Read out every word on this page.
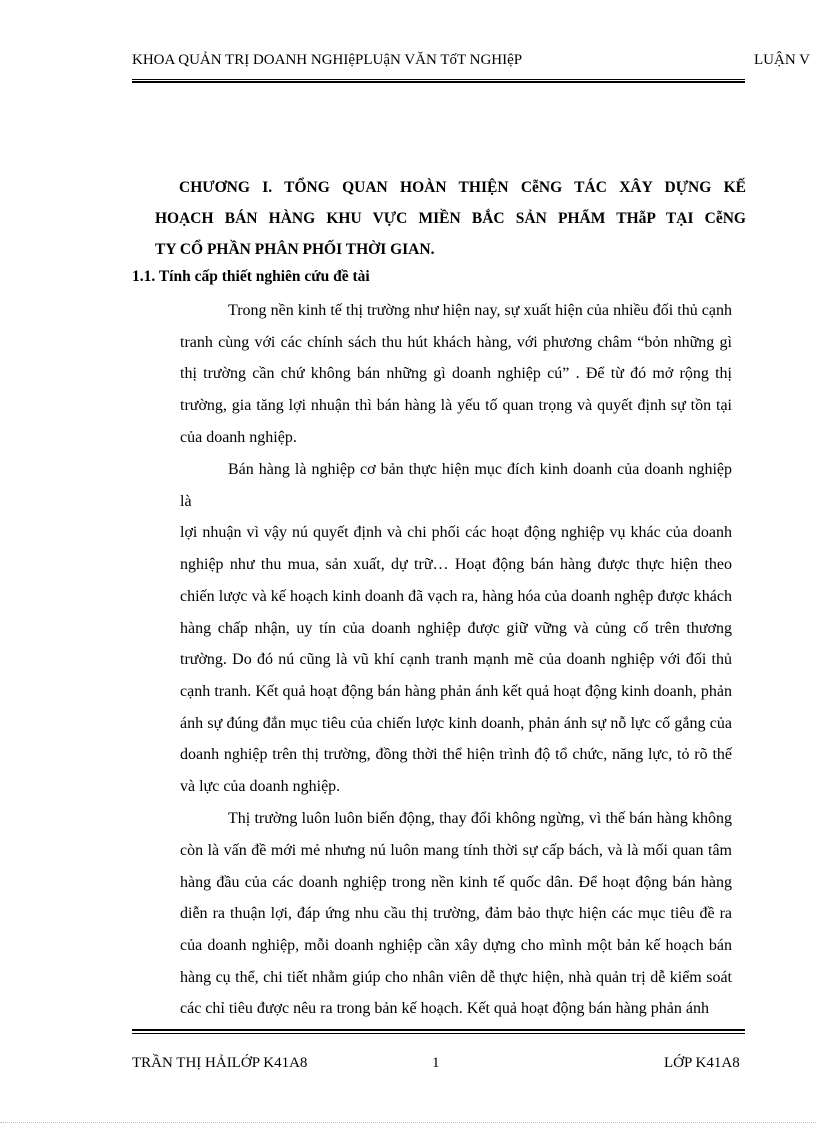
KHOA QUẢN TRỊ DOANH NGHIệPLUậN VĂN TốT NGHIệP	LUẬN V
CHƯƠNG I. TỔNG QUAN HOÀN THIỆN CễNG TÁC XÂY DỰNG KẾ
HOẠCH BÁN HÀNG KHU VỰC MIỀN BẮC SẢN PHẨM THẫP TẠI CễNG
TY CỔ PHẦN PHÂN PHỐI THỜI GIAN.
1.1. Tính cấp thiết nghiên cứu đề tài

Trong nền kinh tế thị trường như hiện nay, sự xuất hiện của nhiều đối thủ cạnh
tranh cùng với các chính sách thu hút khách hàng, với phương châm “bỏn những gì
thị trường cần chứ không bán những gì doanh nghiệp cú” . Để từ đó mở rộng thị
trường, gia tăng lợi nhuận thì bán hàng là yếu tố quan trọng và quyết định sự tồn tại
của doanh nghiệp.

Bán hàng là nghiệp cơ bản thực hiện mục đích kinh doanh của doanh nghiệp là
lợi nhuận vì vậy nú quyết định và chi phối các hoạt động nghiệp vụ khác của doanh
nghiệp như thu mua, sản xuất, dự trữ… Hoạt động bán hàng được thực hiện theo
chiến lược và kế hoạch kinh doanh đã vạch ra, hàng hóa của doanh nghệp được khách
hàng chấp nhận, uy tín của doanh nghiệp được giữ vững và củng cố trên thương
trường. Do đó nú cũng là vũ khí cạnh tranh mạnh mẽ của doanh nghiệp với đối thủ
cạnh tranh. Kết quả hoạt động bán hàng phản ánh kết quả hoạt động kinh doanh, phản
ánh sự đúng đắn mục tiêu của chiến lược kinh doanh, phản ánh sự nỗ lực cố gắng của
doanh nghiệp trên thị trường, đồng thời thể hiện trình độ tổ chức, năng lực, tỏ rõ thế
và lực của doanh nghiệp.

Thị trường luôn luôn biến động, thay đổi không ngừng, vì thế bán hàng không
còn là vấn đề mới mẻ nhưng nú luôn mang tính thời sự cấp bách, và là mối quan tâm
hàng đầu của các doanh nghiệp trong nền kinh tế quốc dân. Để hoạt động bán hàng
diễn ra thuận lợi, đáp ứng nhu cầu thị trường, đảm bảo thực hiện các mục tiêu đề ra
của doanh nghiệp, mỗi doanh nghiệp cần xây dựng cho mình một bản kế hoạch bán
hàng cụ thể, chi tiết nhằm giúp cho nhân viên dễ thực hiện, nhà quản trị dễ kiểm soát
các chỉ tiêu được nêu ra trong bản kế hoạch. Kết quả hoạt động bán hàng phản ánh

TRẦN THỊ HẢILỚP K41A8	1	LỚP K41A8
